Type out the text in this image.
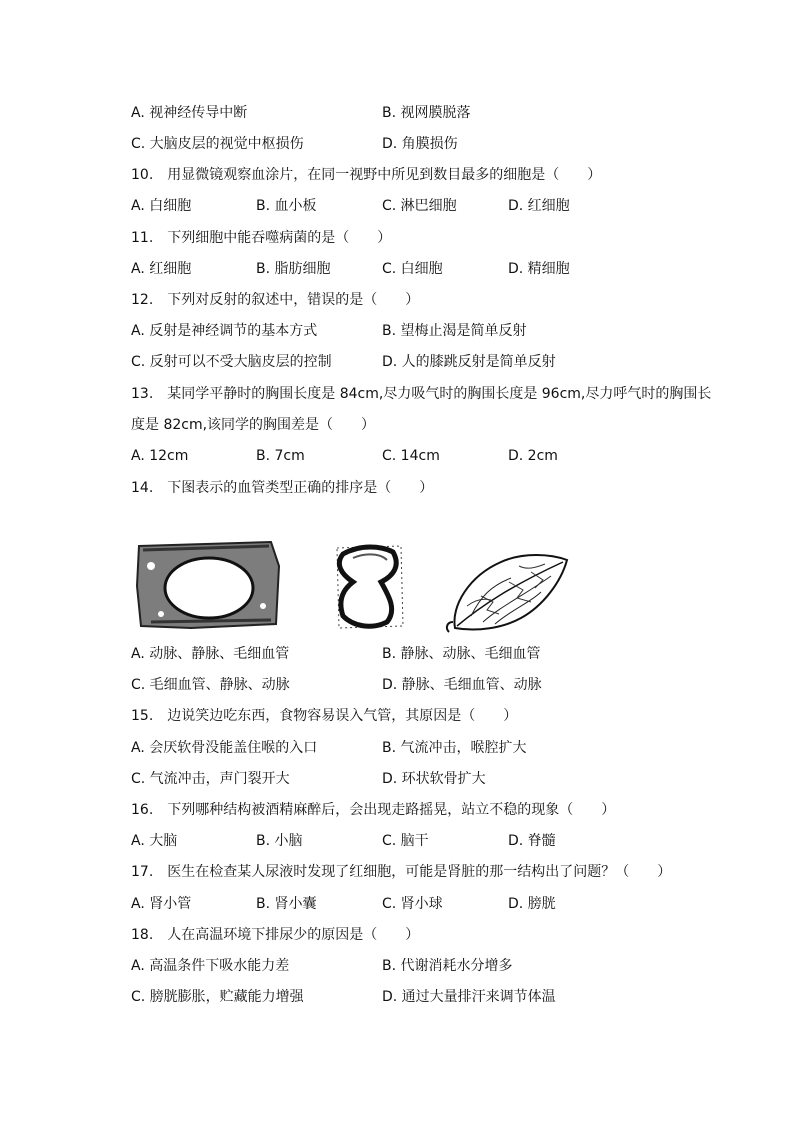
A. 视神经传导中断	B. 视网膜脱落
C. 大脑皮层的视觉中枢损伤	D. 角膜损伤
10.　用显微镜观察血涂片，在同一视野中所见到数目最多的细胞是（　　）
A. 白细胞	B. 血小板	C. 淋巴细胞	D. 红细胞
11.　下列细胞中能吞噬病菌的是（　　）
A. 红细胞	B. 脂肪细胞	C. 白细胞	D. 精细胞
12.　下列对反射的叙述中，错误的是（　　）
A. 反射是神经调节的基本方式	B. 望梅止渴是简单反射
C. 反射可以不受大脑皮层的控制	D. 人的膝跳反射是简单反射
13.　某同学平静时的胸围长度是 84cm,尽力吸气时的胸围长度是 96cm,尽力呼气时的胸围长
度是 82cm,该同学的胸围差是（　　）
A. 12cm	B. 7cm	C. 14cm	D. 2cm
14.　下图表示的血管类型正确的排序是（　　）
A. 动脉、静脉、毛细血管	B. 静脉、动脉、毛细血管
C. 毛细血管、静脉、动脉	D. 静脉、毛细血管、动脉
15.　边说笑边吃东西，食物容易误入气管，其原因是（　　）
A. 会厌软骨没能盖住喉的入口	B. 气流冲击，喉腔扩大
C. 气流冲击，声门裂开大	D. 环状软骨扩大
16.　下列哪种结构被酒精麻醉后，会出现走路摇晃，站立不稳的现象（　　）
A. 大脑	B. 小脑	C. 脑干	D. 脊髓
17.　医生在检查某人尿液时发现了红细胞，可能是肾脏的那一结构出了问题？（　　）
A. 肾小管	B. 肾小囊	C. 肾小球	D. 膀胱
18.　人在高温环境下排尿少的原因是（　　）
A. 高温条件下吸水能力差	B. 代谢消耗水分增多
C. 膀胱膨胀，贮藏能力增强	D. 通过大量排汗来调节体温
